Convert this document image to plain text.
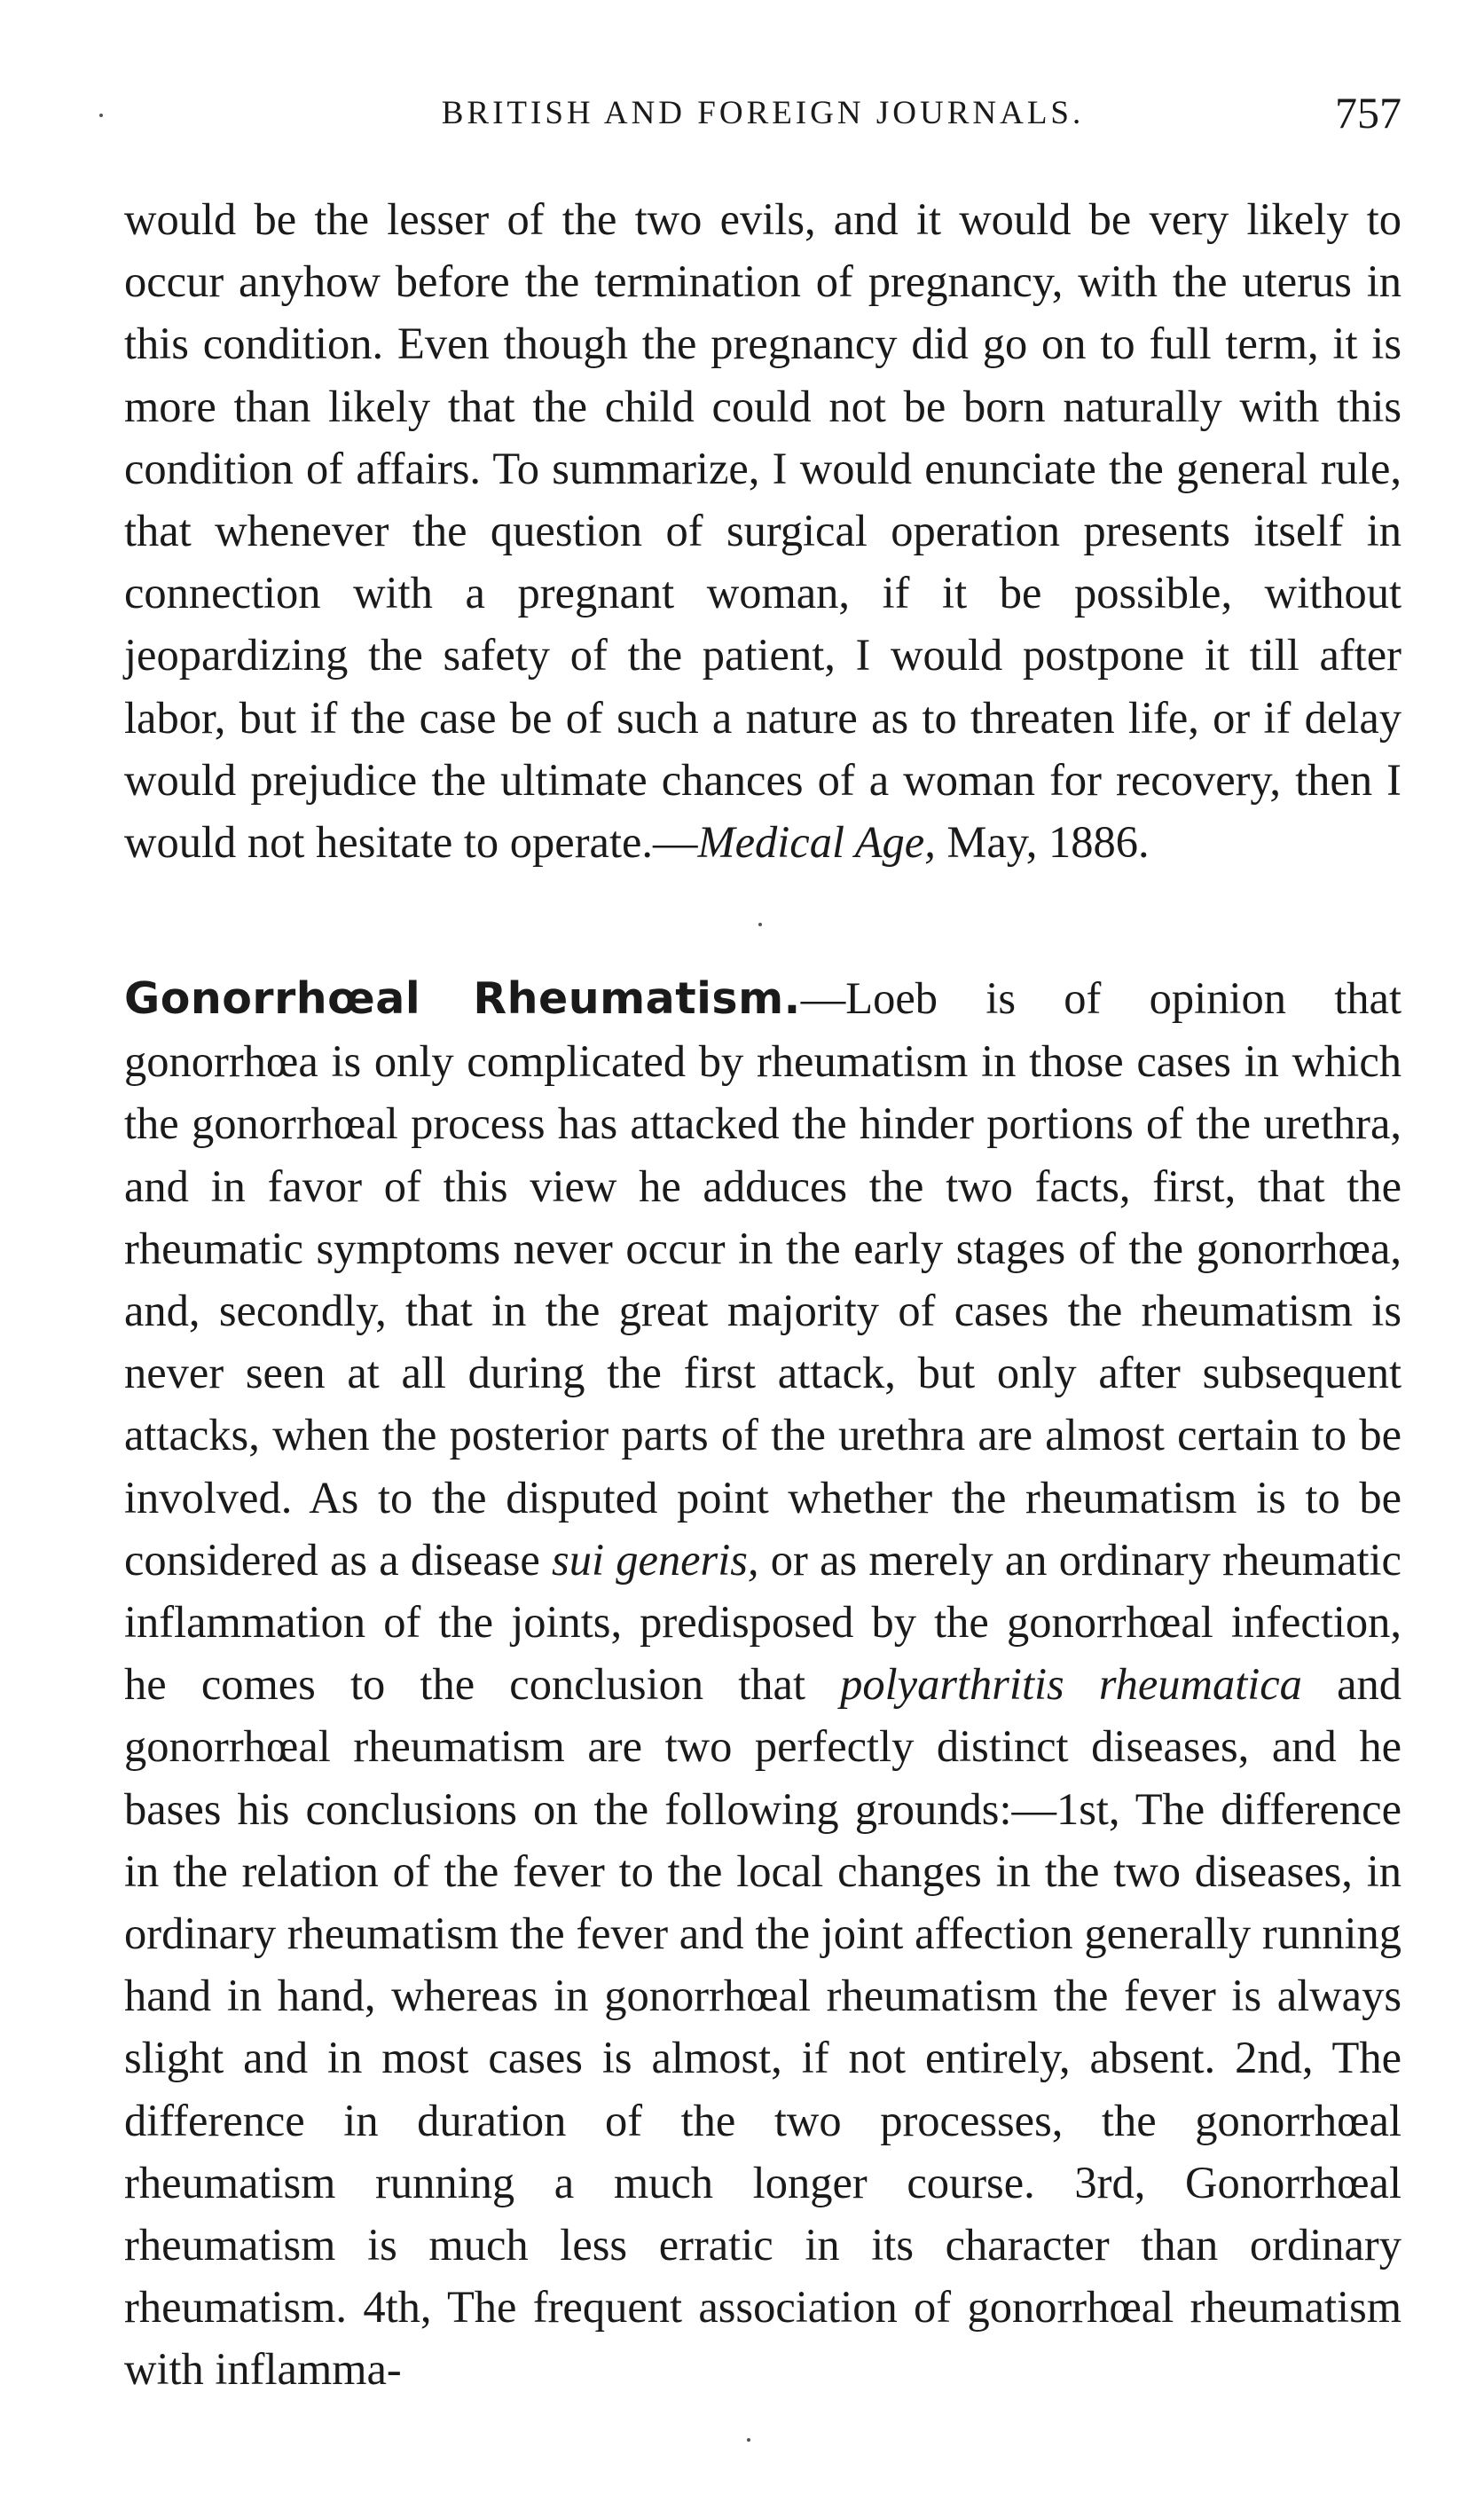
BRITISH AND FOREIGN JOURNALS.	757

would be the lesser of the two evils, and it would be very likely to occur anyhow before the termination of pregnancy, with the uterus in this condition. Even though the pregnancy did go on to full term, it is more than likely that the child could not be born naturally with this condition of affairs. To summarize, I would enunciate the general rule, that whenever the question of surgical operation presents itself in connection with a pregnant woman, if it be possible, without jeopardizing the safety of the patient, I would postpone it till after labor, but if the case be of such a nature as to threaten life, or if delay would prejudice the ultimate chances of a woman for recovery, then I would not hesitate to operate.—Medical Age, May, 1886.

Gonorrhœal Rheumatism.—Loeb is of opinion that gonorrhœa is only complicated by rheumatism in those cases in which the gonorrhœal process has attacked the hinder portions of the urethra, and in favor of this view he adduces the two facts, first, that the rheumatic symptoms never occur in the early stages of the gonorrhœa, and, secondly, that in the great majority of cases the rheumatism is never seen at all during the first attack, but only after subsequent attacks, when the posterior parts of the urethra are almost certain to be involved. As to the disputed point whether the rheumatism is to be considered as a disease sui generis, or as merely an ordinary rheumatic inflammation of the joints, predisposed by the gonorrhœal infection, he comes to the conclusion that polyarthritis rheumatica and gonorrhœal rheumatism are two perfectly distinct diseases, and he bases his conclusions on the following grounds:—1st, The difference in the relation of the fever to the local changes in the two diseases, in ordinary rheumatism the fever and the joint affection generally running hand in hand, whereas in gonorrhœal rheumatism the fever is always slight and in most cases is almost, if not entirely, absent. 2nd, The difference in duration of the two processes, the gonorrhœal rheumatism running a much longer course. 3rd, Gonorrhœal rheumatism is much less erratic in its character than ordinary rheumatism. 4th, The frequent association of gonorrhœal rheumatism with inflamma-
